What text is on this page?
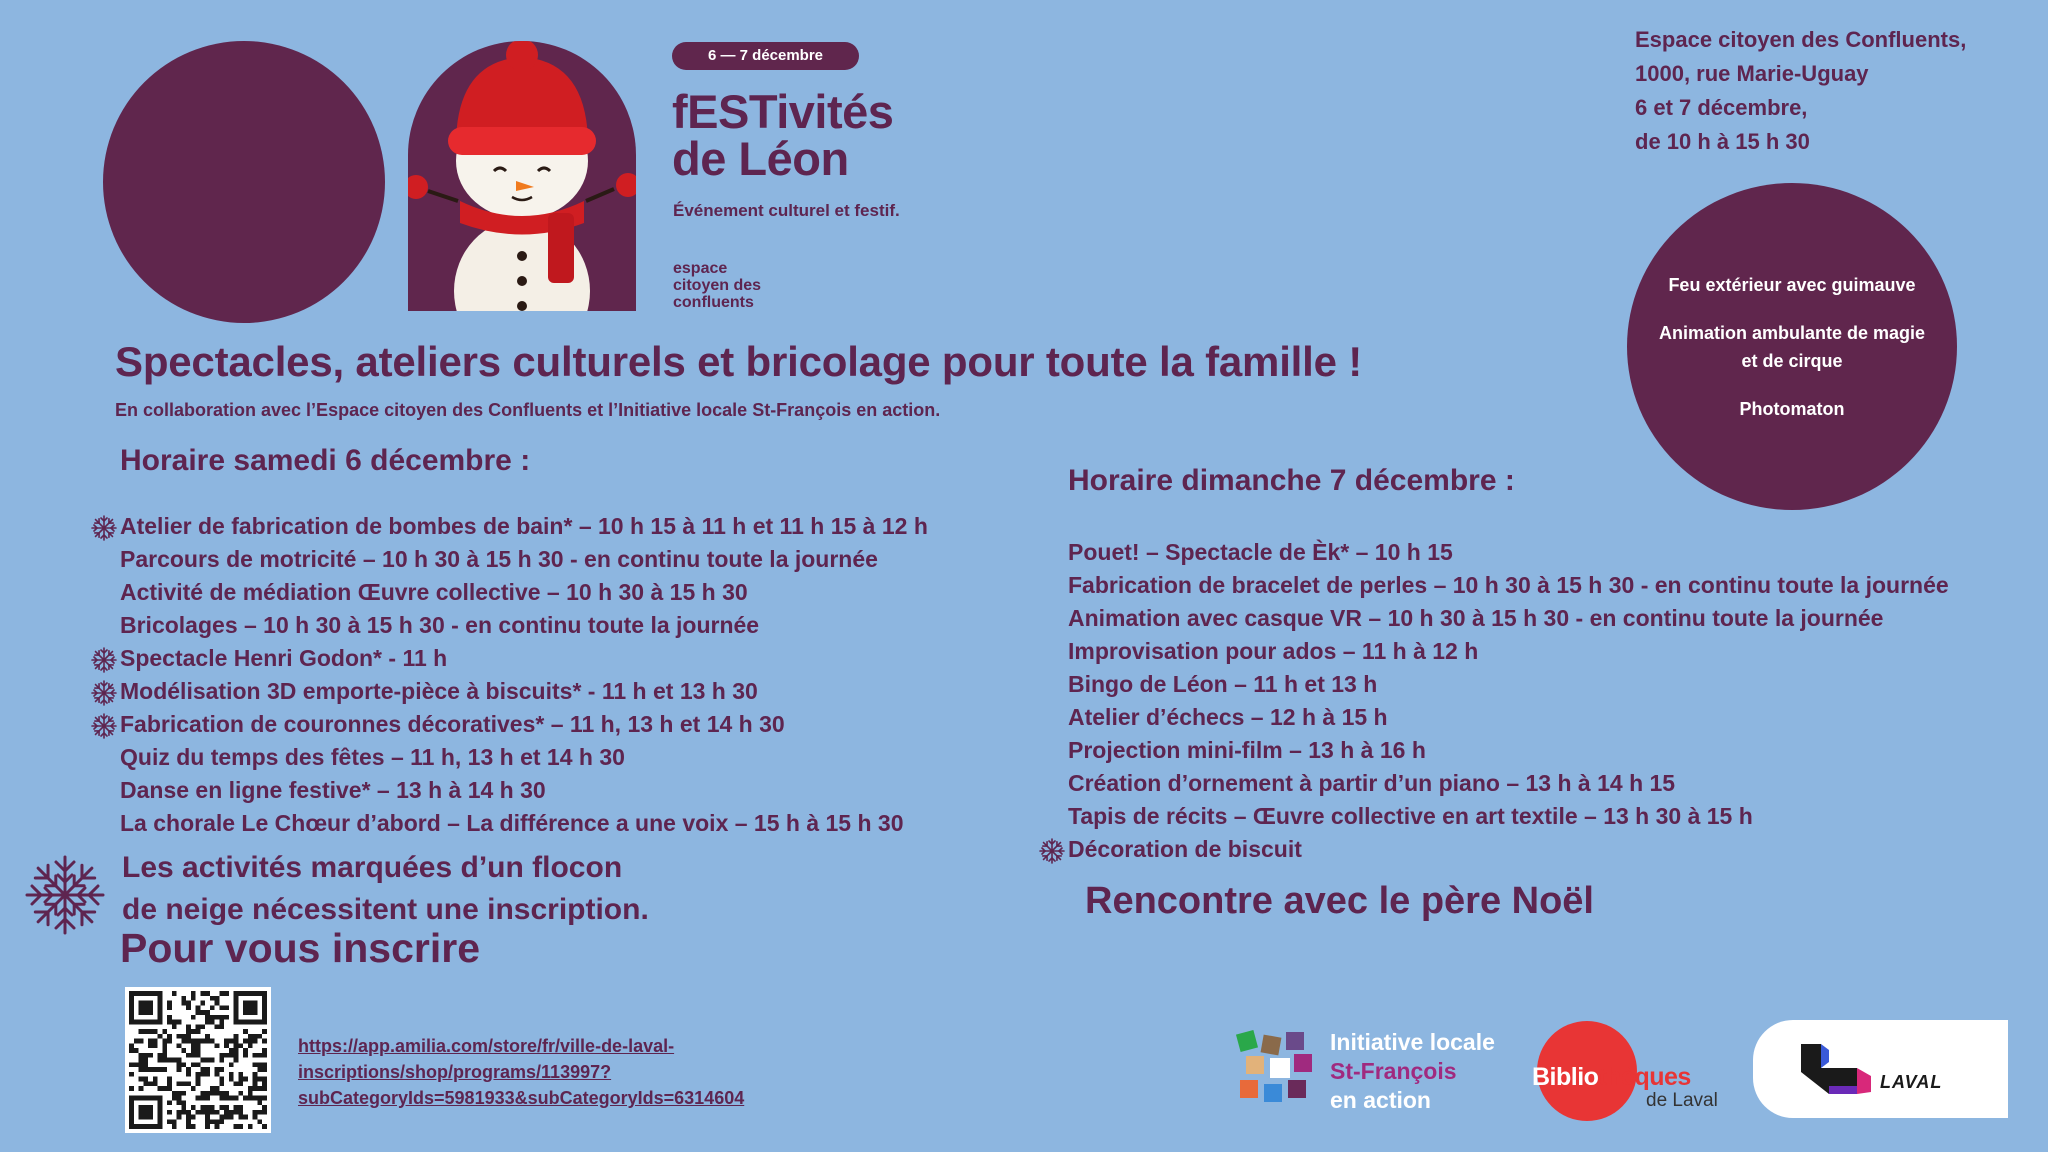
6 — 7 décembre
fESTivités
de Léon
Événement culturel et festif.
espace
citoyen des
confluents
Espace citoyen des Confluents,
1000, rue Marie-Uguay
6 et 7 décembre,
de 10 h à 15 h 30
Feu extérieur avec guimauve
Animation ambulante de magie et de cirque
Photomaton
Spectacles, ateliers culturels et bricolage pour toute la famille !
En collaboration avec l’Espace citoyen des Confluents et l’Initiative locale St-François en action.
Horaire samedi 6 décembre :
Atelier de fabrication de bombes de bain* – 10 h 15 à 11 h et 11 h 15 à 12 h
Parcours de motricité – 10 h 30 à 15 h 30 - en continu toute la journée
Activité de médiation Œuvre collective – 10 h 30 à 15 h 30
Bricolages – 10 h 30 à 15 h 30 - en continu toute la journée
Spectacle Henri Godon* - 11 h
Modélisation 3D emporte-pièce à biscuits* - 11 h et 13 h 30
Fabrication de couronnes décoratives* – 11 h, 13 h et 14 h 30
Quiz du temps des fêtes – 11 h, 13 h et 14 h 30
Danse en ligne festive* – 13 h à 14 h 30
La chorale Le Chœur d’abord – La différence a une voix – 15 h à 15 h 30
Horaire dimanche 7 décembre :
Pouet! – Spectacle de Èk* – 10 h 15
Fabrication de bracelet de perles – 10 h 30 à 15 h 30 - en continu toute la journée
Animation avec casque VR – 10 h 30 à 15 h 30 - en continu toute la journée
Improvisation pour ados – 11 h à 12 h
Bingo de Léon – 11 h et 13 h
Atelier d’échecs – 12 h à 15 h
Projection mini-film – 13 h à 16 h
Création d’ornement à partir d’un piano – 13 h à 14 h 15
Tapis de récits – Œuvre collective en art textile – 13 h 30 à 15 h
Décoration de biscuit
Les activités marquées d’un flocon
de neige nécessitent une inscription.
Pour vous inscrire
https://app.amilia.com/store/fr/ville-de-laval-
inscriptions/shop/programs/113997?
subCategoryIds=5981933&subCategoryIds=6314604
Rencontre avec le père Noël
Initiative locale
St-François
en action
Bibliothèques
de Laval
LAVAL
